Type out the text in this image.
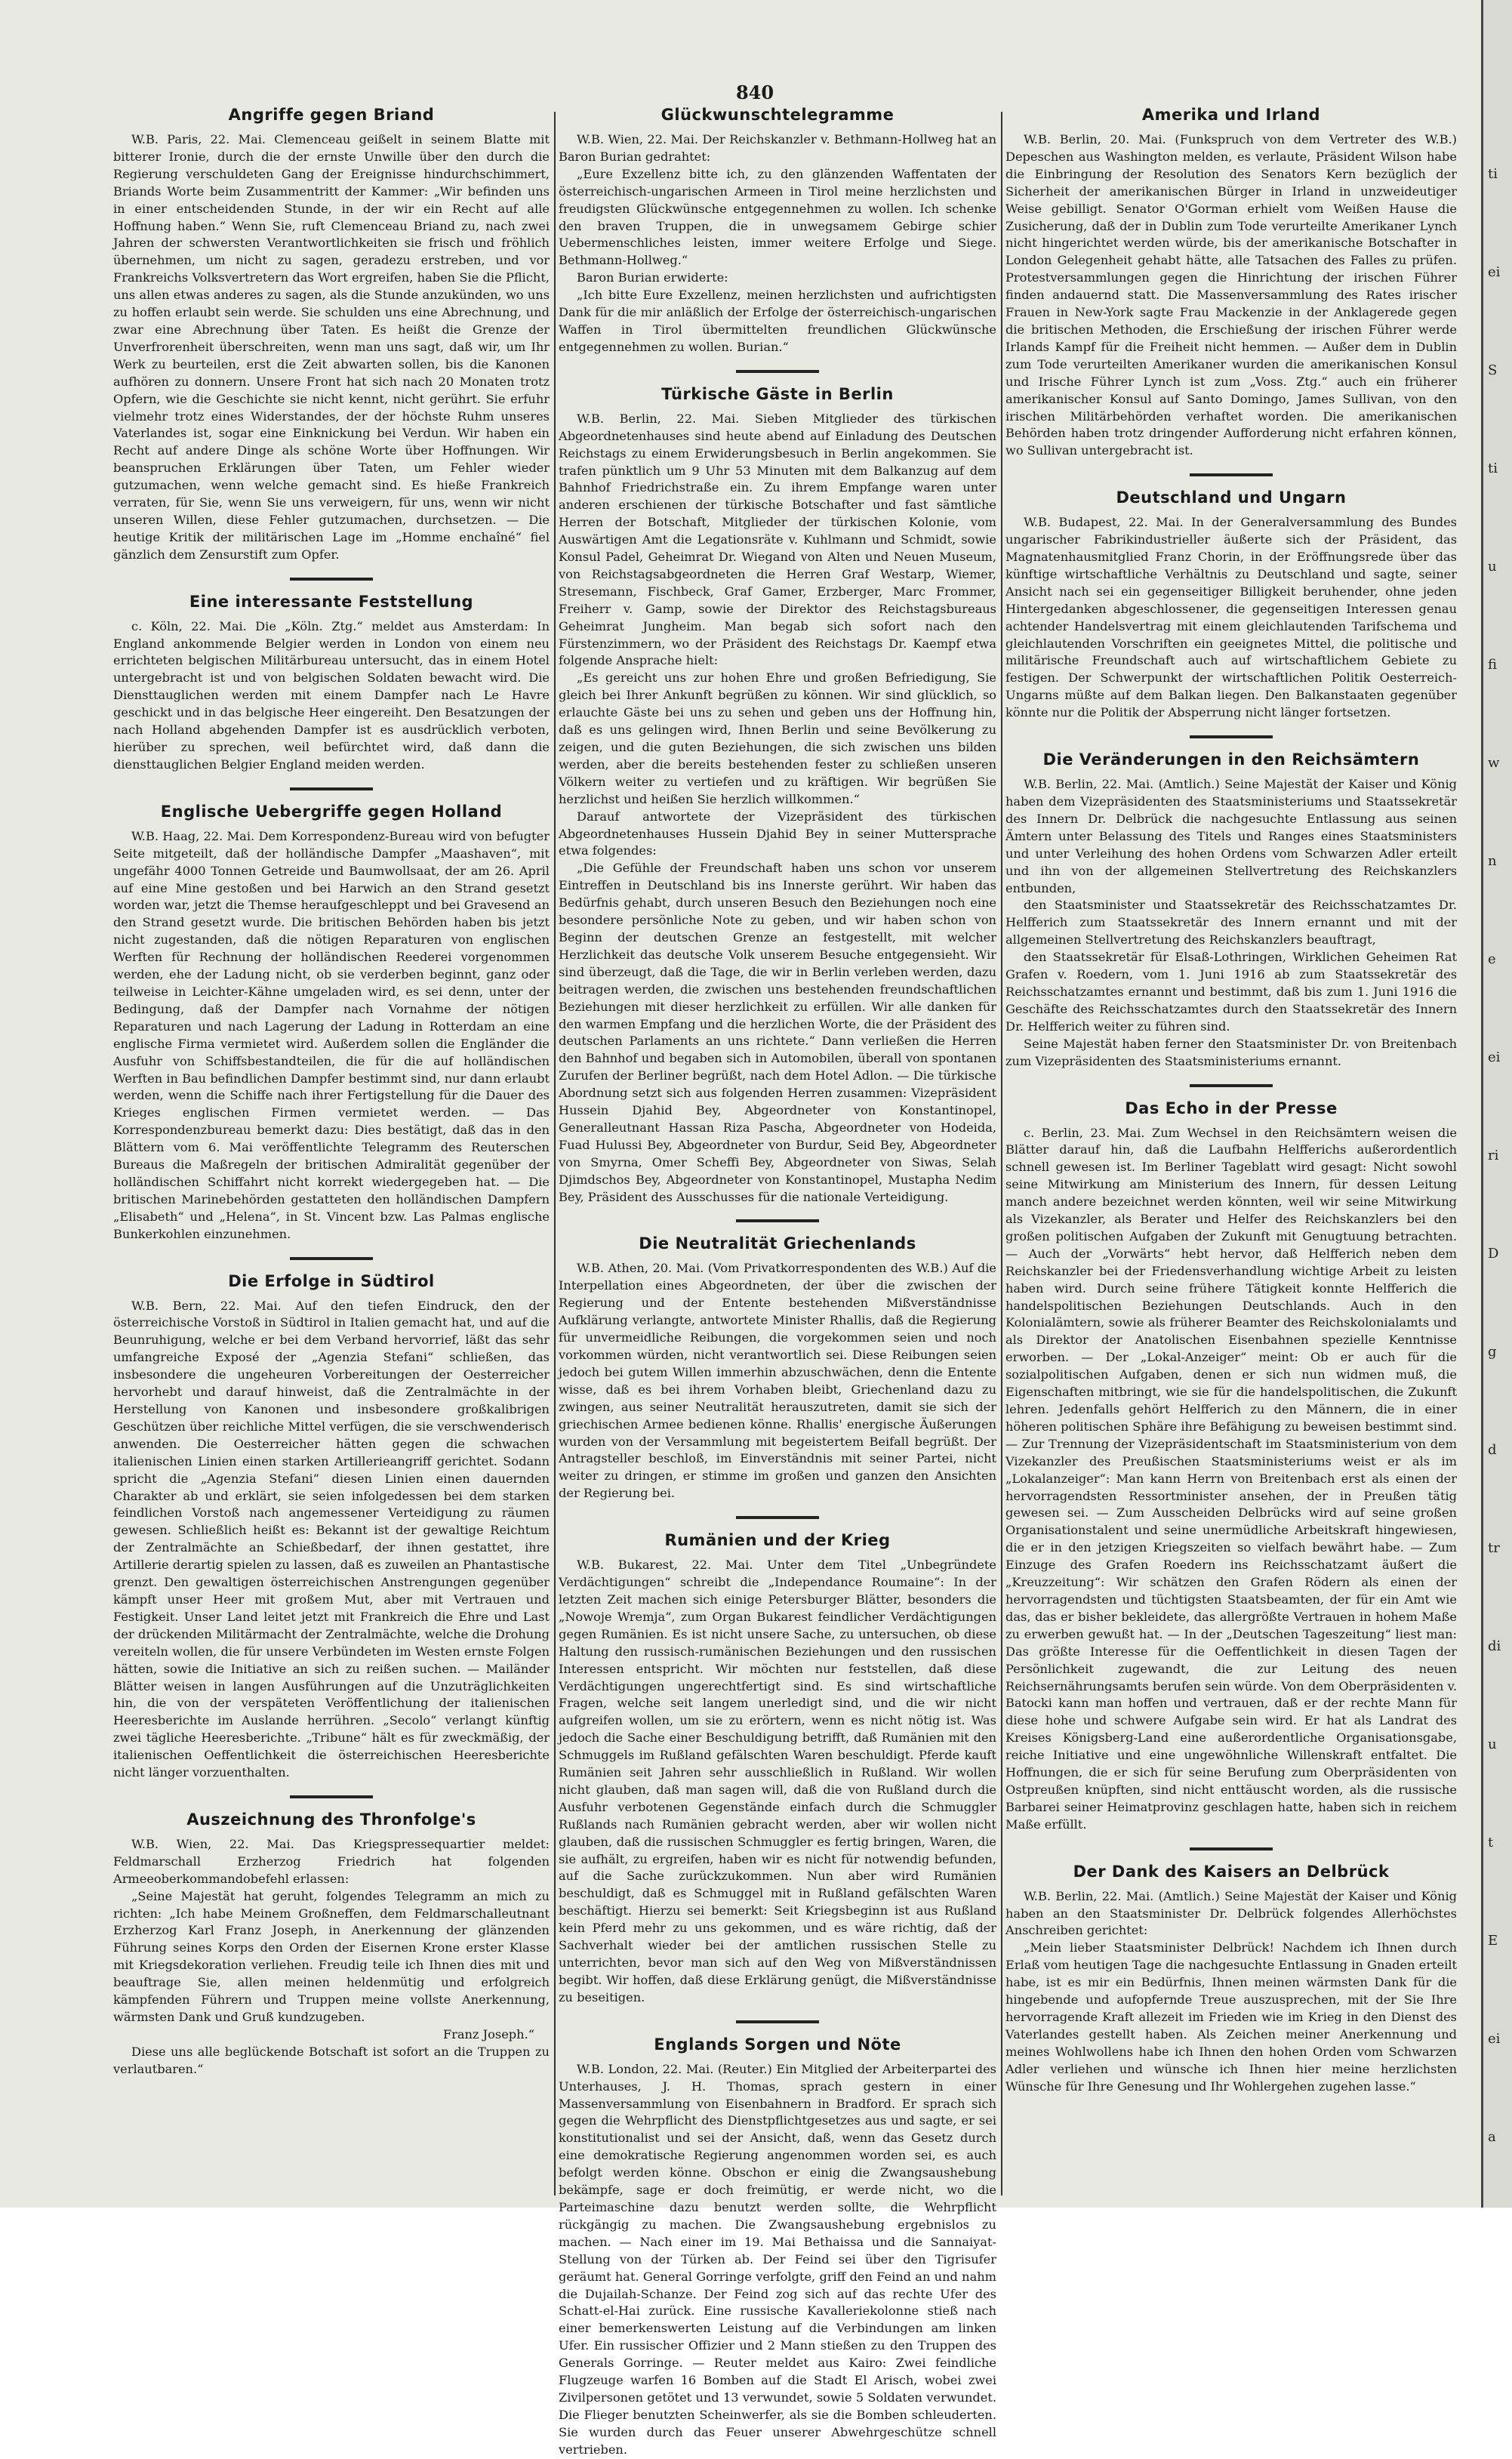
840
Angriffe gegen Briand

W.B. Paris, 22. Mai. Clemenceau geißelt in seinem Blatte mit bitterer Ironie, durch die der ernste Unwille über den durch die Regierung verschuldeten Gang der Ereignisse hindurchschimmert, Briands Worte beim Zusammentritt der Kammer: „Wir befinden uns in einer entscheidenden Stunde, in der wir ein Recht auf alle Hoffnung haben.“ Wenn Sie, ruft Clemenceau Briand zu, nach zwei Jahren der schwersten Verantwortlichkeiten sie frisch und fröhlich übernehmen, um nicht zu sagen, geradezu erstreben, und vor Frankreichs Volksvertretern das Wort ergreifen, haben Sie die Pflicht, uns allen etwas anderes zu sagen, als die Stunde anzukünden, wo uns zu hoffen erlaubt sein werde. Sie schulden uns eine Abrechnung, und zwar eine Abrechnung über Taten. Es heißt die Grenze der Unverfrorenheit überschreiten, wenn man uns sagt, daß wir, um Ihr Werk zu beurteilen, erst die Zeit abwarten sollen, bis die Kanonen aufhören zu donnern. Unsere Front hat sich nach 20 Monaten trotz Opfern, wie die Geschichte sie nicht kennt, nicht gerührt. Sie erfuhr vielmehr trotz eines Widerstandes, der der höchste Ruhm unseres Vaterlandes ist, sogar eine Einknickung bei Verdun. Wir haben ein Recht auf andere Dinge als schöne Worte über Hoffnungen. Wir beanspruchen Erklärungen über Taten, um Fehler wieder gutzumachen, wenn welche gemacht sind. Es hieße Frankreich verraten, für Sie, wenn Sie uns verweigern, für uns, wenn wir nicht unseren Willen, diese Fehler gutzumachen, durchsetzen. — Die heutige Kritik der militärischen Lage im „Homme enchaîné“ fiel gänzlich dem Zensurstift zum Opfer.

Eine interessante Feststellung

c. Köln, 22. Mai. Die „Köln. Ztg.“ meldet aus Amsterdam: In England ankommende Belgier werden in London von einem neu errichteten belgischen Militärbureau untersucht, das in einem Hotel untergebracht ist und von belgischen Soldaten bewacht wird. Die Diensttauglichen werden mit einem Dampfer nach Le Havre geschickt und in das belgische Heer eingereiht. Den Besatzungen der nach Holland abgehenden Dampfer ist es ausdrücklich verboten, hierüber zu sprechen, weil befürchtet wird, daß dann die diensttauglichen Belgier England meiden werden.

Englische Uebergriffe gegen Holland

W.B. Haag, 22. Mai. Dem Korrespondenz-Bureau wird von befugter Seite mitgeteilt, daß der holländische Dampfer „Maashaven“, mit ungefähr 4000 Tonnen Getreide und Baumwollsaat, der am 26. April auf eine Mine gestoßen und bei Harwich an den Strand gesetzt worden war, jetzt die Themse heraufgeschleppt und bei Gravesend an den Strand gesetzt wurde. Die britischen Behörden haben bis jetzt nicht zugestanden, daß die nötigen Reparaturen von englischen Werften für Rechnung der holländischen Reederei vorgenommen werden, ehe der Ladung nicht, ob sie verderben beginnt, ganz oder teilweise in Leichter-Kähne umgeladen wird, es sei denn, unter der Bedingung, daß der Dampfer nach Vornahme der nötigen Reparaturen und nach Lagerung der Ladung in Rotterdam an eine englische Firma vermietet wird. Außerdem sollen die Engländer die Ausfuhr von Schiffsbestandteilen, die für die auf holländischen Werften in Bau befindlichen Dampfer bestimmt sind, nur dann erlaubt werden, wenn die Schiffe nach ihrer Fertigstellung für die Dauer des Krieges englischen Firmen vermietet werden. — Das Korrespondenzbureau bemerkt dazu: Dies bestätigt, daß das in den Blättern vom 6. Mai veröffentlichte Telegramm des Reuterschen Bureaus die Maßregeln der britischen Admiralität gegenüber der holländischen Schiffahrt nicht korrekt wiedergegeben hat. — Die britischen Marinebehörden gestatteten den holländischen Dampfern „Elisabeth“ und „Helena“, in St. Vincent bzw. Las Palmas englische Bunkerkohlen einzunehmen.

Die Erfolge in Südtirol

W.B. Bern, 22. Mai. Auf den tiefen Eindruck, den der österreichische Vorstoß in Südtirol in Italien gemacht hat, und auf die Beunruhigung, welche er bei dem Verband hervorrief, läßt das sehr umfangreiche Exposé der „Agenzia Stefani“ schließen, das insbesondere die ungeheuren Vorbereitungen der Oesterreicher hervorhebt und darauf hinweist, daß die Zentralmächte in der Herstellung von Kanonen und insbesondere großkalibrigen Geschützen über reichliche Mittel verfügen, die sie verschwenderisch anwenden. Die Oesterreicher hätten gegen die schwachen italienischen Linien einen starken Artillerieangriff gerichtet. Sodann spricht die „Agenzia Stefani“ diesen Linien einen dauernden Charakter ab und erklärt, sie seien infolgedessen bei dem starken feindlichen Vorstoß nach angemessener Verteidigung zu räumen gewesen. Schließlich heißt es: Bekannt ist der gewaltige Reichtum der Zentralmächte an Schießbedarf, der ihnen gestattet, ihre Artillerie derartig spielen zu lassen, daß es zuweilen an Phantastische grenzt. Den gewaltigen österreichischen Anstrengungen gegenüber kämpft unser Heer mit großem Mut, aber mit Vertrauen und Festigkeit. Unser Land leitet jetzt mit Frankreich die Ehre und Last der drückenden Militärmacht der Zentralmächte, welche die Drohung vereiteln wollen, die für unsere Verbündeten im Westen ernste Folgen hätten, sowie die Initiative an sich zu reißen suchen. — Mailänder Blätter weisen in langen Ausführungen auf die Unzuträglichkeiten hin, die von der verspäteten Veröffentlichung der italienischen Heeresberichte im Auslande herrühren. „Secolo“ verlangt künftig zwei tägliche Heeresberichte. „Tribune“ hält es für zweckmäßig, der italienischen Oeffentlichkeit die österreichischen Heeresberichte nicht länger vorzuenthalten.

Auszeichnung des Thronfolge's

W.B. Wien, 22. Mai. Das Kriegspressequartier meldet: Feldmarschall Erzherzog Friedrich hat folgenden Armeeoberkommandobefehl erlassen:

„Seine Majestät hat geruht, folgendes Telegramm an mich zu richten: „Ich habe Meinem Großneffen, dem Feldmarschalleutnant Erzherzog Karl Franz Joseph, in Anerkennung der glänzenden Führung seines Korps den Orden der Eisernen Krone erster Klasse mit Kriegsdekoration verliehen. Freudig teile ich Ihnen dies mit und beauftrage Sie, allen meinen heldenmütig und erfolgreich kämpfenden Führern und Truppen meine vollste Anerkennung, wärmsten Dank und Gruß kundzugeben.

Franz Joseph.“

Diese uns alle beglückende Botschaft ist sofort an die Truppen zu verlautbaren.“

Glückwunschtelegramme

W.B. Wien, 22. Mai. Der Reichskanzler v. Bethmann-Hollweg hat an Baron Burian gedrahtet:

„Eure Exzellenz bitte ich, zu den glänzenden Waffentaten der österreichisch-ungarischen Armeen in Tirol meine herzlichsten und freudigsten Glückwünsche entgegennehmen zu wollen. Ich schenke den braven Truppen, die in unwegsamem Gebirge schier Uebermenschliches leisten, immer weitere Erfolge und Siege. Bethmann-Hollweg.“

Baron Burian erwiderte:

„Ich bitte Eure Exzellenz, meinen herzlichsten und aufrichtigsten Dank für die mir anläßlich der Erfolge der österreichisch-ungarischen Waffen in Tirol übermittelten freundlichen Glückwünsche entgegennehmen zu wollen. Burian.“

Türkische Gäste in Berlin

W.B. Berlin, 22. Mai. Sieben Mitglieder des türkischen Abgeordnetenhauses sind heute abend auf Einladung des Deutschen Reichstags zu einem Erwiderungsbesuch in Berlin angekommen. Sie trafen pünktlich um 9 Uhr 53 Minuten mit dem Balkanzug auf dem Bahnhof Friedrichstraße ein. Zu ihrem Empfange waren unter anderen erschienen der türkische Botschafter und fast sämtliche Herren der Botschaft, Mitglieder der türkischen Kolonie, vom Auswärtigen Amt die Legationsräte v. Kuhlmann und Schmidt, sowie Konsul Padel, Geheimrat Dr. Wiegand von Alten und Neuen Museum, von Reichstagsabgeordneten die Herren Graf Westarp, Wiemer, Stresemann, Fischbeck, Graf Gamer, Erzberger, Marc Frommer, Freiherr v. Gamp, sowie der Direktor des Reichstagsbureaus Geheimrat Jungheim. Man begab sich sofort nach den Fürstenzimmern, wo der Präsident des Reichstags Dr. Kaempf etwa folgende Ansprache hielt:

„Es gereicht uns zur hohen Ehre und großen Befriedigung, Sie gleich bei Ihrer Ankunft begrüßen zu können. Wir sind glücklich, so erlauchte Gäste bei uns zu sehen und geben uns der Hoffnung hin, daß es uns gelingen wird, Ihnen Berlin und seine Bevölkerung zu zeigen, und die guten Beziehungen, die sich zwischen uns bilden werden, aber die bereits bestehenden fester zu schließen unseren Völkern weiter zu vertiefen und zu kräftigen. Wir begrüßen Sie herzlichst und heißen Sie herzlich willkommen.“

Darauf antwortete der Vizepräsident des türkischen Abgeordnetenhauses Hussein Djahid Bey in seiner Muttersprache etwa folgendes:

„Die Gefühle der Freundschaft haben uns schon vor unserem Eintreffen in Deutschland bis ins Innerste gerührt. Wir haben das Bedürfnis gehabt, durch unseren Besuch den Beziehungen noch eine besondere persönliche Note zu geben, und wir haben schon von Beginn der deutschen Grenze an festgestellt, mit welcher Herzlichkeit das deutsche Volk unserem Besuche entgegensieht. Wir sind überzeugt, daß die Tage, die wir in Berlin verleben werden, dazu beitragen werden, die zwischen uns bestehenden freundschaftlichen Beziehungen mit dieser herzlichkeit zu erfüllen. Wir alle danken für den warmen Empfang und die herzlichen Worte, die der Präsident des deutschen Parlaments an uns richtete.“ Dann verließen die Herren den Bahnhof und begaben sich in Automobilen, überall von spontanen Zurufen der Berliner begrüßt, nach dem Hotel Adlon. — Die türkische Abordnung setzt sich aus folgenden Herren zusammen: Vizepräsident Hussein Djahid Bey, Abgeordneter von Konstantinopel, Generalleutnant Hassan Riza Pascha, Abgeordneter von Hodeida, Fuad Hulussi Bey, Abgeordneter von Burdur, Seid Bey, Abgeordneter von Smyrna, Omer Scheffi Bey, Abgeordneter von Siwas, Selah Djimdschos Bey, Abgeordneter von Konstantinopel, Mustapha Nedim Bey, Präsident des Ausschusses für die nationale Verteidigung.

Die Neutralität Griechenlands

W.B. Athen, 20. Mai. (Vom Privatkorrespondenten des W.B.) Auf die Interpellation eines Abgeordneten, der über die zwischen der Regierung und der Entente bestehenden Mißverständnisse Aufklärung verlangte, antwortete Minister Rhallis, daß die Regierung für unvermeidliche Reibungen, die vorgekommen seien und noch vorkommen würden, nicht verantwortlich sei. Diese Reibungen seien jedoch bei gutem Willen immerhin abzuschwächen, denn die Entente wisse, daß es bei ihrem Vorhaben bleibt, Griechenland dazu zu zwingen, aus seiner Neutralität herauszutreten, damit sie sich der griechischen Armee bedienen könne. Rhallis' energische Äußerungen wurden von der Versammlung mit begeistertem Beifall begrüßt. Der Antragsteller beschloß, im Einverständnis mit seiner Partei, nicht weiter zu dringen, er stimme im großen und ganzen den Ansichten der Regierung bei.

Rumänien und der Krieg

W.B. Bukarest, 22. Mai. Unter dem Titel „Unbegründete Verdächtigungen“ schreibt die „Independance Roumaine“: In der letzten Zeit machen sich einige Petersburger Blätter, besonders die „Nowoje Wremja“, zum Organ Bukarest feindlicher Verdächtigungen gegen Rumänien. Es ist nicht unsere Sache, zu untersuchen, ob diese Haltung den russisch-rumänischen Beziehungen und den russischen Interessen entspricht. Wir möchten nur feststellen, daß diese Verdächtigungen ungerechtfertigt sind. Es sind wirtschaftliche Fragen, welche seit langem unerledigt sind, und die wir nicht aufgreifen wollen, um sie zu erörtern, wenn es nicht nötig ist. Was jedoch die Sache einer Beschuldigung betrifft, daß Rumänien mit den Schmuggels im Rußland gefälschten Waren beschuldigt. Pferde kauft Rumänien seit Jahren sehr ausschließlich in Rußland. Wir wollen nicht glauben, daß man sagen will, daß die von Rußland durch die Ausfuhr verbotenen Gegenstände einfach durch die Schmuggler Rußlands nach Rumänien gebracht werden, aber wir wollen nicht glauben, daß die russischen Schmuggler es fertig bringen, Waren, die sie aufhält, zu ergreifen, haben wir es nicht für notwendig befunden, auf die Sache zurückzukommen. Nun aber wird Rumänien beschuldigt, daß es Schmuggel mit in Rußland gefälschten Waren beschäftigt. Hierzu sei bemerkt: Seit Kriegsbeginn ist aus Rußland kein Pferd mehr zu uns gekommen, und es wäre richtig, daß der Sachverhalt wieder bei der amtlichen russischen Stelle zu unterrichten, bevor man sich auf den Weg von Mißverständnissen begibt. Wir hoffen, daß diese Erklärung genügt, die Mißverständnisse zu beseitigen.

Englands Sorgen und Nöte

W.B. London, 22. Mai. (Reuter.) Ein Mitglied der Arbeiterpartei des Unterhauses, J. H. Thomas, sprach gestern in einer Massenversammlung von Eisenbahnern in Bradford. Er sprach sich gegen die Wehrpflicht des Dienstpflichtgesetzes aus und sagte, er sei konstitutionalist und sei der Ansicht, daß, wenn das Gesetz durch eine demokratische Regierung angenommen worden sei, es auch befolgt werden könne. Obschon er einig die Zwangsaushebung bekämpfe, sage er doch freimütig, er werde nicht, wo die Parteimaschine dazu benutzt werden sollte, die Wehrpflicht rückgängig zu machen. Die Zwangsaushebung ergebnislos zu machen. — Nach einer im 19. Mai Bethaissa und die Sannaiyat-Stellung von der Türken ab. Der Feind sei über den Tigrisufer geräumt hat. General Gorringe verfolgte, griff den Feind an und nahm die Dujailah-Schanze. Der Feind zog sich auf das rechte Ufer des Schatt-el-Hai zurück. Eine russische Kavalleriekolonne stieß nach einer bemerkenswerten Leistung auf die Verbindungen am linken Ufer. Ein russischer Offizier und 2 Mann stießen zu den Truppen des Generals Gorringe. — Reuter meldet aus Kairo: Zwei feindliche Flugzeuge warfen 16 Bomben auf die Stadt El Arisch, wobei zwei Zivilpersonen getötet und 13 verwundet, sowie 5 Soldaten verwundet. Die Flieger benutzten Scheinwerfer, als sie die Bomben schleuderten. Sie wurden durch das Feuer unserer Abwehrgeschütze schnell vertrieben.

Amerika und Irland

W.B. Berlin, 20. Mai. (Funkspruch von dem Vertreter des W.B.) Depeschen aus Washington melden, es verlaute, Präsident Wilson habe die Einbringung der Resolution des Senators Kern bezüglich der Sicherheit der amerikanischen Bürger in Irland in unzweideutiger Weise gebilligt. Senator O'Gorman erhielt vom Weißen Hause die Zusicherung, daß der in Dublin zum Tode verurteilte Amerikaner Lynch nicht hingerichtet werden würde, bis der amerikanische Botschafter in London Gelegenheit gehabt hätte, alle Tatsachen des Falles zu prüfen. Protestversammlungen gegen die Hinrichtung der irischen Führer finden andauernd statt. Die Massenversammlung des Rates irischer Frauen in New-York sagte Frau Mackenzie in der Anklagerede gegen die britischen Methoden, die Erschießung der irischen Führer werde Irlands Kampf für die Freiheit nicht hemmen. — Außer dem in Dublin zum Tode verurteilten Amerikaner wurden die amerikanischen Konsul und Irische Führer Lynch ist zum „Voss. Ztg.“ auch ein früherer amerikanischer Konsul auf Santo Domingo, James Sullivan, von den irischen Militärbehörden verhaftet worden. Die amerikanischen Behörden haben trotz dringender Aufforderung nicht erfahren können, wo Sullivan untergebracht ist.

Deutschland und Ungarn

W.B. Budapest, 22. Mai. In der Generalversammlung des Bundes ungarischer Fabrikindustrieller äußerte sich der Präsident, das Magnatenhausmitglied Franz Chorin, in der Eröffnungsrede über das künftige wirtschaftliche Verhältnis zu Deutschland und sagte, seiner Ansicht nach sei ein gegenseitiger Billigkeit beruhender, ohne jeden Hintergedanken abgeschlossener, die gegenseitigen Interessen genau achtender Handelsvertrag mit einem gleichlautenden Tarifschema und gleichlautenden Vorschriften ein geeignetes Mittel, die politische und militärische Freundschaft auch auf wirtschaftlichem Gebiete zu festigen. Der Schwerpunkt der wirtschaftlichen Politik Oesterreich-Ungarns müßte auf dem Balkan liegen. Den Balkanstaaten gegenüber könnte nur die Politik der Absperrung nicht länger fortsetzen.

Die Veränderungen in den Reichsämtern

W.B. Berlin, 22. Mai. (Amtlich.) Seine Majestät der Kaiser und König haben dem Vizepräsidenten des Staatsministeriums und Staatssekretär des Innern Dr. Delbrück die nachgesuchte Entlassung aus seinen Ämtern unter Belassung des Titels und Ranges eines Staatsministers und unter Verleihung des hohen Ordens vom Schwarzen Adler erteilt und ihn von der allgemeinen Stellvertretung des Reichskanzlers entbunden,

den Staatsminister und Staatssekretär des Reichsschatzamtes Dr. Helfferich zum Staatssekretär des Innern ernannt und mit der allgemeinen Stellvertretung des Reichskanzlers beauftragt,

den Staatssekretär für Elsaß-Lothringen, Wirklichen Geheimen Rat Grafen v. Roedern, vom 1. Juni 1916 ab zum Staatssekretär des Reichsschatzamtes ernannt und bestimmt, daß bis zum 1. Juni 1916 die Geschäfte des Reichsschatzamtes durch den Staatssekretär des Innern Dr. Helfferich weiter zu führen sind.

Seine Majestät haben ferner den Staatsminister Dr. von Breitenbach zum Vizepräsidenten des Staatsministeriums ernannt.

Das Echo in der Presse

c. Berlin, 23. Mai. Zum Wechsel in den Reichsämtern weisen die Blätter darauf hin, daß die Laufbahn Helfferichs außerordentlich schnell gewesen ist. Im Berliner Tageblatt wird gesagt: Nicht sowohl seine Mitwirkung am Ministerium des Innern, für dessen Leitung manch andere bezeichnet werden könnten, weil wir seine Mitwirkung als Vizekanzler, als Berater und Helfer des Reichskanzlers bei den großen politischen Aufgaben der Zukunft mit Genugtuung betrachten. — Auch der „Vorwärts“ hebt hervor, daß Helfferich neben dem Reichskanzler bei der Friedensverhandlung wichtige Arbeit zu leisten haben wird. Durch seine frühere Tätigkeit konnte Helfferich die handelspolitischen Beziehungen Deutschlands. Auch in den Kolonialämtern, sowie als früherer Beamter des Reichskolonialamts und als Direktor der Anatolischen Eisenbahnen spezielle Kenntnisse erworben. — Der „Lokal-Anzeiger“ meint: Ob er auch für die sozialpolitischen Aufgaben, denen er sich nun widmen muß, die Eigenschaften mitbringt, wie sie für die handelspolitischen, die Zukunft lehren. Jedenfalls gehört Helfferich zu den Männern, die in einer höheren politischen Sphäre ihre Befähigung zu beweisen bestimmt sind. — Zur Trennung der Vizepräsidentschaft im Staatsministerium von dem Vizekanzler des Preußischen Staatsministeriums weist er als im „Lokalanzeiger“: Man kann Herrn von Breitenbach erst als einen der hervorragendsten Ressortminister ansehen, der in Preußen tätig gewesen sei. — Zum Ausscheiden Delbrücks wird auf seine großen Organisationstalent und seine unermüdliche Arbeitskraft hingewiesen, die er in den jetzigen Kriegszeiten so vielfach bewährt habe. — Zum Einzuge des Grafen Roedern ins Reichsschatzamt äußert die „Kreuzzeitung“: Wir schätzen den Grafen Rödern als einen der hervorragendsten und tüchtigsten Staatsbeamten, der für ein Amt wie das, das er bisher bekleidete, das allergrößte Vertrauen in hohem Maße zu erwerben gewußt hat. — In der „Deutschen Tageszeitung“ liest man: Das größte Interesse für die Oeffentlichkeit in diesen Tagen der Persönlichkeit zugewandt, die zur Leitung des neuen Reichsernährungsamts berufen sein würde. Von dem Oberpräsidenten v. Batocki kann man hoffen und vertrauen, daß er der rechte Mann für diese hohe und schwere Aufgabe sein wird. Er hat als Landrat des Kreises Königsberg-Land eine außerordentliche Organisationsgabe, reiche Initiative und eine ungewöhnliche Willenskraft entfaltet. Die Hoffnungen, die er sich für seine Berufung zum Oberpräsidenten von Ostpreußen knüpften, sind nicht enttäuscht worden, als die russische Barbarei seiner Heimatprovinz geschlagen hatte, haben sich in reichem Maße erfüllt.

Der Dank des Kaisers an Delbrück

W.B. Berlin, 22. Mai. (Amtlich.) Seine Majestät der Kaiser und König haben an den Staatsminister Dr. Delbrück folgendes Allerhöchstes Anschreiben gerichtet:

„Mein lieber Staatsminister Delbrück! Nachdem ich Ihnen durch Erlaß vom heutigen Tage die nachgesuchte Entlassung in Gnaden erteilt habe, ist es mir ein Bedürfnis, Ihnen meinen wärmsten Dank für die hingebende und aufopfernde Treue auszusprechen, mit der Sie Ihre hervorragende Kraft allezeit im Frieden wie im Krieg in den Dienst des Vaterlandes gestellt haben. Als Zeichen meiner Anerkennung und meines Wohlwollens habe ich Ihnen den hohen Orden vom Schwarzen Adler verliehen und wünsche ich Ihnen hier meine herzlichsten Wünsche für Ihre Genesung und Ihr Wohlergehen zugehen lasse.“

ti
ei
S
ti
u
fi
w
n
e
ei
ri
D
g
d
tr
di
u
t
E
ei
a
